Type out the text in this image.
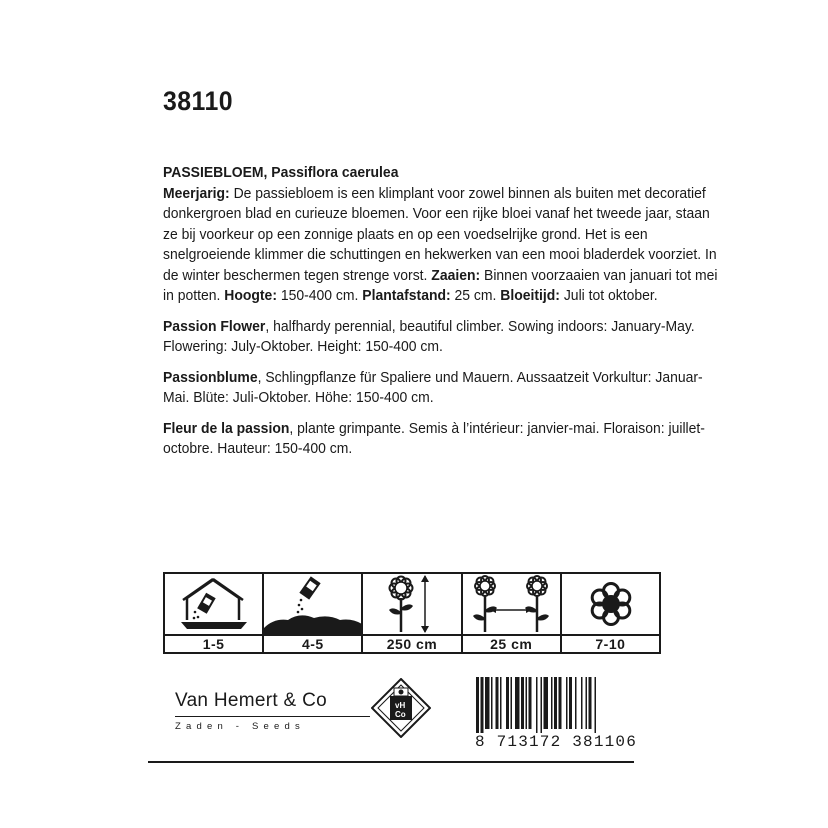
38110

PASSIEBLOEM, Passiflora caerulea
Meerjarig: De passiebloem is een klimplant voor zowel binnen als buiten met decoratief donkergroen blad en curieuze bloemen. Voor een rijke bloei vanaf het tweede jaar, staan ze bij voorkeur op een zonnige plaats en op een voedselrijke grond. Het is een snelgroeiende klimmer die schuttingen en hekwerken van een mooi bladerdek voorziet. In de winter beschermen tegen strenge vorst. Zaaien: Binnen voorzaaien van januari tot mei in potten. Hoogte: 150-400 cm. Plantafstand: 25 cm. Bloeitijd: Juli tot oktober.

Passion Flower, halfhardy perennial, beautiful climber. Sowing indoors: January-May. Flowering: July-Oktober. Height: 150-400 cm.

Passionblume, Schlingpflanze für Spaliere und Mauern. Aussaatzeit Vorkultur: Januar-Mai. Blüte: Juli-Oktober. Höhe: 150-400 cm.

Fleur de la passion, plante grimpante. Semis à l’intérieur: janvier-mai. Floraison: juillet-octobre. Hauteur: 150-400 cm.

1-5	4-5	250 cm	25 cm	7-10
Van Hemert & Co
Zaden - Seeds
vH
Co
8 713172 381106
